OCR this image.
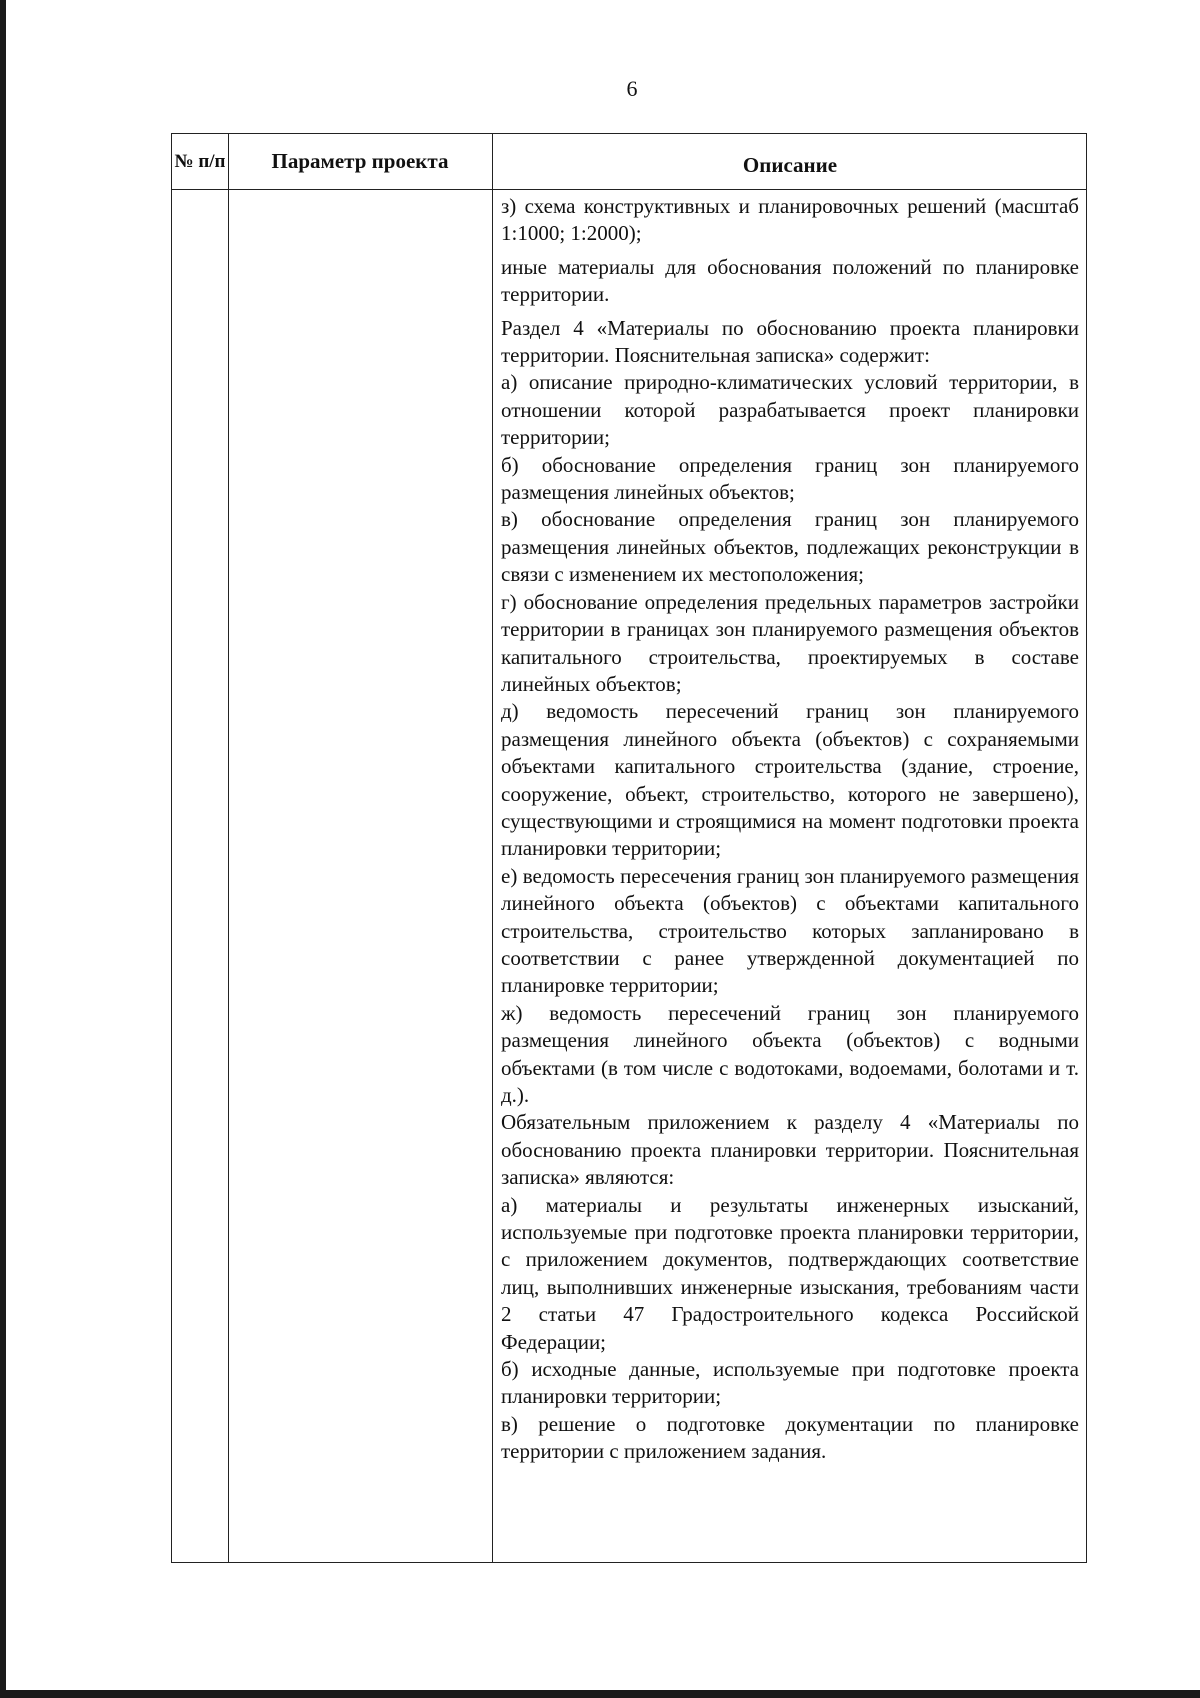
6
№ п/п	Параметр проекта	Описание

з) схема конструктивных и планировочных решений (масштаб 1:1000; 1:2000);

иные материалы для обоснования положений по планировке территории.

Раздел 4 «Материалы по обоснованию проекта планировки территории. Пояснительная записка» содержит:

а) описание природно-климатических условий территории, в отношении которой разрабатывается проект планировки территории;

б) обоснование определения границ зон планируемого размещения линейных объектов;

в) обоснование определения границ зон планируемого размещения линейных объектов, подлежащих реконструкции в связи с изменением их местоположения;

г) обоснование определения предельных параметров застройки территории в границах зон планируемого размещения объектов капитального строительства, проектируемых в составе линейных объектов;

д) ведомость пересечений границ зон планируемого размещения линейного объекта (объектов) с сохраняемыми объектами капитального строительства (здание, строение, сооружение, объект, строительство, которого не завершено), существующими и строящимися на момент подготовки проекта планировки территории;

е) ведомость пересечения границ зон планируемого размещения линейного объекта (объектов) с объектами капитального строительства, строительство которых запланировано в соответствии с ранее утвержденной документацией по планировке территории;

ж) ведомость пересечений границ зон планируемого размещения линейного объекта (объектов) с водными объектами (в том числе с водотоками, водоемами, болотами и т. д.).

Обязательным приложением к разделу 4 «Материалы по обоснованию проекта планировки территории. Пояснительная записка» являются:

а) материалы и результаты инженерных изысканий, используемые при подготовке проекта планировки территории, с приложением документов, подтверждающих соответствие лиц, выполнивших инженерные изыскания, требованиям части 2 статьи 47 Градостроительного кодекса Российской Федерации;

б) исходные данные, используемые при подготовке проекта планировки территории;

в) решение о подготовке документации по планировке территории с приложением задания.
